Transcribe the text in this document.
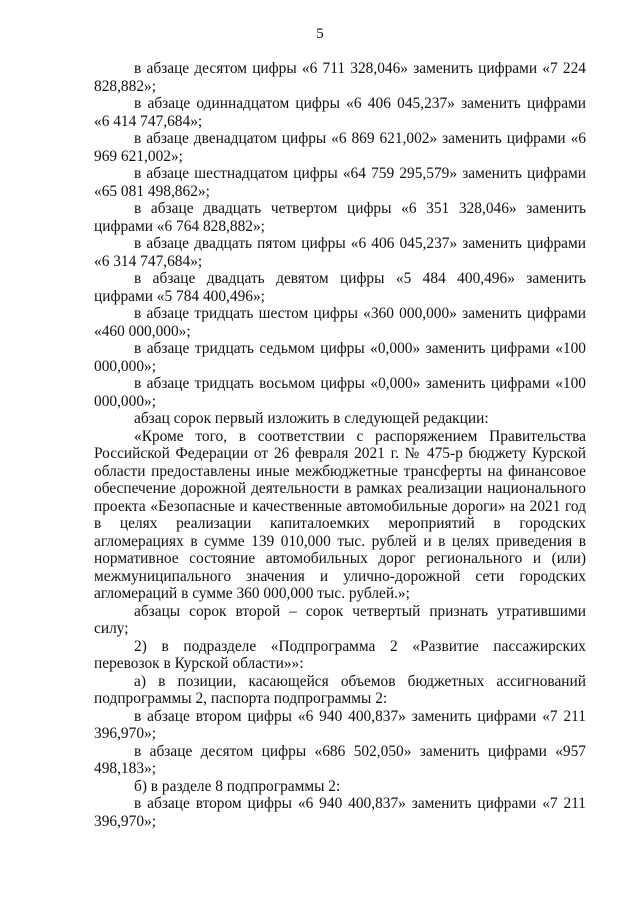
5

в абзаце десятом цифры «6 711 328,046» заменить цифрами «7 224 828,882»;

в абзаце одиннадцатом цифры «6 406 045,237» заменить цифрами «6 414 747,684»;

в абзаце двенадцатом цифры «6 869 621,002» заменить цифрами «6 969 621,002»;

в абзаце шестнадцатом цифры «64 759 295,579» заменить цифрами «65 081 498,862»;

в абзаце двадцать четвертом цифры «6 351 328,046» заменить цифрами «6 764 828,882»;

в абзаце двадцать пятом цифры «6 406 045,237» заменить цифрами «6 314 747,684»;

в абзаце двадцать девятом цифры «5 484 400,496» заменить цифрами «5 784 400,496»;

в абзаце тридцать шестом цифры «360 000,000» заменить цифрами «460 000,000»;

в абзаце тридцать седьмом цифры «0,000» заменить цифрами «100 000,000»;

в абзаце тридцать восьмом цифры «0,000» заменить цифрами «100 000,000»;

абзац сорок первый изложить в следующей редакции:

«Кроме того, в соответствии с распоряжением Правительства Российской Федерации от 26 февраля 2021 г. № 475-р бюджету Курской области предоставлены иные межбюджетные трансферты на финансовое обеспечение дорожной деятельности в рамках реализации национального проекта «Безопасные и качественные автомобильные дороги» на 2021 год в целях реализации капиталоемких мероприятий в городских агломерациях в сумме 139 010,000 тыс. рублей и в целях приведения в нормативное состояние автомобильных дорог регионального и (или) межмуниципального значения и улично-дорожной сети городских агломераций в сумме 360 000,000 тыс. рублей.»;

абзацы сорок второй – сорок четвертый признать утратившими силу;

2) в подразделе «Подпрограмма 2 «Развитие пассажирских перевозок в Курской области»»:

а) в позиции, касающейся объемов бюджетных ассигнований подпрограммы 2, паспорта подпрограммы 2:

в абзаце втором цифры «6 940 400,837» заменить цифрами «7 211 396,970»;

в абзаце десятом цифры «686 502,050» заменить цифрами «957 498,183»;

б) в разделе 8 подпрограммы 2:

в абзаце втором цифры «6 940 400,837» заменить цифрами «7 211 396,970»;
